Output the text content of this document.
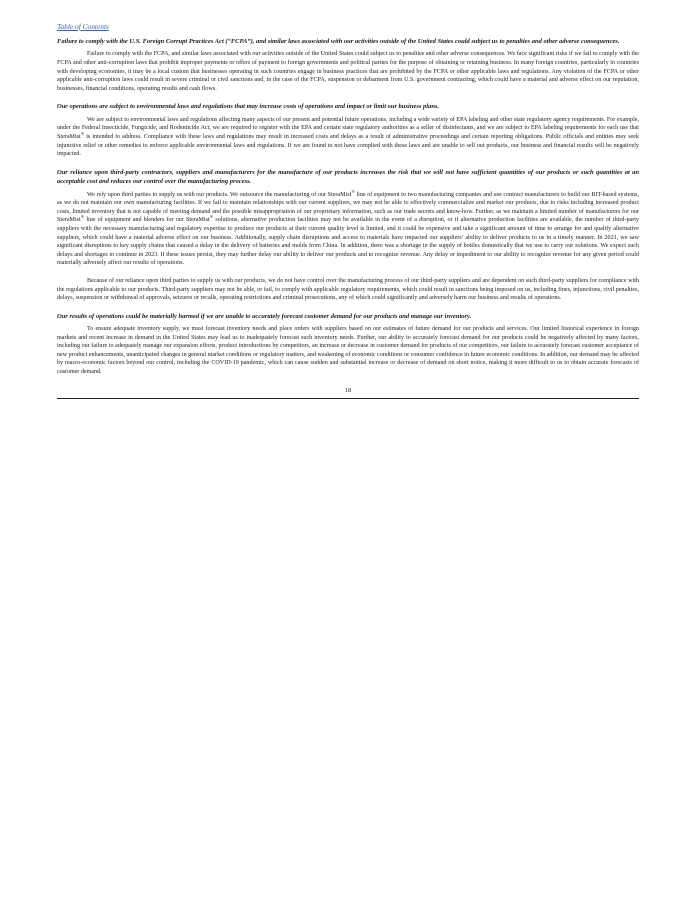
Table of Contents

Failure to comply with the U.S. Foreign Corrupt Practices Act (“FCPA”), and similar laws associated with our activities outside of the United States could subject us to penalties and other adverse consequences.

Failure to comply with the FCPA, and similar laws associated with our activities outside of the United States could subject us to penalties and other adverse consequences. We face significant risks if we fail to comply with the FCPA and other anti-corruption laws that prohibit improper payments or offers of payment to foreign governments and political parties for the purpose of obtaining or retaining business. In many foreign countries, particularly in countries with developing economies, it may be a local custom that businesses operating in such countries engage in business practices that are prohibited by the FCPA or other applicable laws and regulations. Any violation of the FCPA or other applicable anti-corruption laws could result in severe criminal or civil sanctions and, in the case of the FCPA, suspension or debarment from U.S. government contracting, which could have a material and adverse effect on our reputation, businesses, financial conditions, operating results and cash flows.

Our operations are subject to environmental laws and regulations that may increase costs of operations and impact or limit our business plans.

We are subject to environmental laws and regulations affecting many aspects of our present and potential future operations, including a wide variety of EPA labeling and other state regulatory agency requirements. For example, under the Federal Insecticide, Fungicide, and Rodenticide Act, we are required to register with the EPA and certain state regulatory authorities as a seller of disinfectants, and we are subject to EPA labeling requirements for each use that SteraMist® is intended to address. Compliance with these laws and regulations may result in increased costs and delays as a result of administrative proceedings and certain reporting obligations. Public officials and entities may seek injunctive relief or other remedies to enforce applicable environmental laws and regulations. If we are found to not have complied with these laws and are unable to sell out products, our business and financial results will be negatively impacted.

Our reliance upon third-party contractors, suppliers and manufacturers for the manufacture of our products increases the risk that we will not have sufficient quantities of our products or such quantities at an acceptable cost and reduces our control over the manufacturing process.

We rely upon third parties to supply us with our products. We outsource the manufacturing of our SteraMist® line of equipment to two manufacturing companies and use contract manufacturers to build our BIT-based systems, as we do not maintain our own manufacturing facilities. If we fail to maintain relationships with our current suppliers, we may not be able to effectively commercialize and market our products, due to risks including increased product costs, limited inventory that is not capable of meeting demand and the possible misappropriation of our proprietary information, such as our trade secrets and know-how. Further, as we maintain a limited number of manufacturers for our SteraMist® line of equipment and blenders for our SteraMist® solutions, alternative production facilities may not be available in the event of a disruption, or if alternative production facilities are available, the number of third-party suppliers with the necessary manufacturing and regulatory expertise to produce our products at their current quality level is limited, and it could be expensive and take a significant amount of time to arrange for and qualify alternative suppliers, which could have a material adverse effect on our business. Additionally, supply chain disruptions and access to materials have impacted our suppliers’ ability to deliver products to us in a timely manner. In 2021, we saw significant disruptions to key supply chains that caused a delay in the delivery of batteries and molds from China. In addition, there was a shortage in the supply of bottles domestically that we use to carry our solutions. We expect such delays and shortages to continue in 2023. If these issues persist, they may further delay our ability to deliver our products and to recognize revenue. Any delay or impediment to our ability to recognize revenue for any given period could materially adversely affect our results of operations.

Because of our reliance upon third parties to supply us with our products, we do not have control over the manufacturing process of our third-party suppliers and are dependent on such third-party suppliers for compliance with the regulations applicable to our products. Third-party suppliers may not be able, or fail, to comply with applicable regulatory requirements, which could result in sanctions being imposed on us, including fines, injunctions, civil penalties, delays, suspension or withdrawal of approvals, seizures or recalls, operating restrictions and criminal prosecutions, any of which could significantly and adversely harm our business and results of operations.

Our results of operations could be materially harmed if we are unable to accurately forecast customer demand for our products and manage our inventory.

To ensure adequate inventory supply, we must forecast inventory needs and place orders with suppliers based on our estimates of future demand for our products and services. Our limited historical experience in foreign markets and recent increase in demand in the United States may lead us to inadequately forecast such inventory needs. Further, our ability to accurately forecast demand for our products could be negatively affected by many factors, including our failure to adequately manage our expansion efforts, product introductions by competitors, an increase or decrease in customer demand for products of our competitors, our failure to accurately forecast customer acceptance of new product enhancements, unanticipated changes in general market conditions or regulatory matters, and weakening of economic conditions or consumer confidence in future economic conditions. In addition, our demand may be affected by macro-economic factors beyond our control, including the COVID-19 pandemic, which can cause sudden and substantial increase or decrease of demand on short notice, making it more difficult to us to obtain accurate forecasts of customer demand.

18
